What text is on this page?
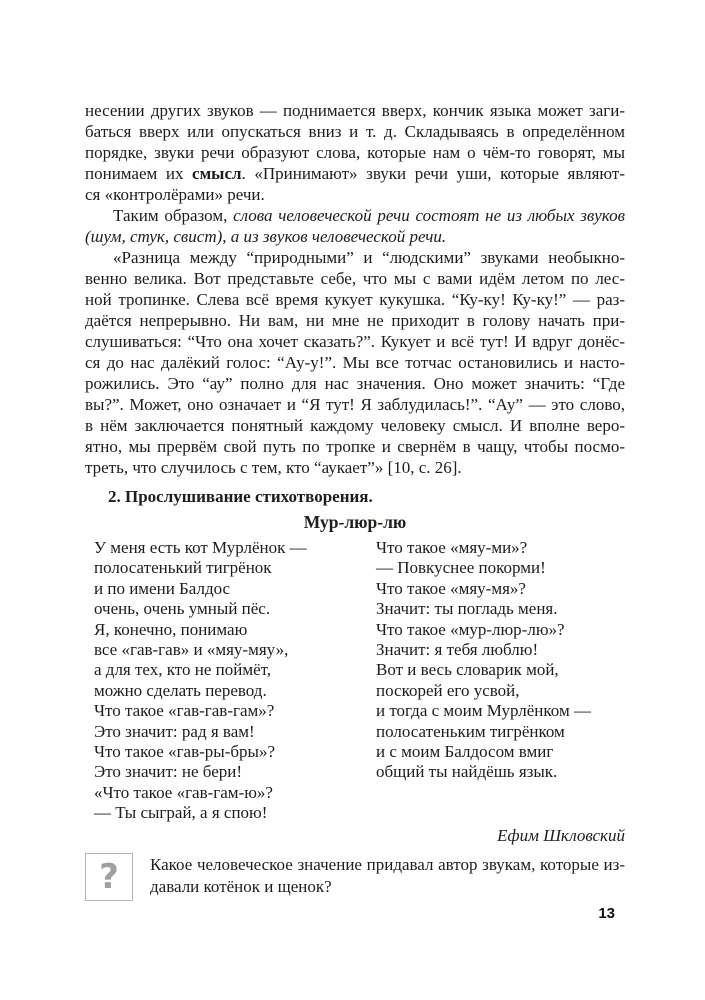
несении других звуков — поднимается вверх, кончик языка может заги-
баться вверх или опускаться вниз и т. д. Складываясь в определённом
порядке, звуки речи образуют слова, которые нам о чём-то говорят, мы
понимаем их смысл. «Принимают» звуки речи уши, которые являют-
ся «контролёрами» речи.
Таким образом, слова человеческой речи состоят не из любых звуков
(шум, стук, свист), а из звуков человеческой речи.
«Разница между “природными” и “людскими” звуками необыкно-
венно велика. Вот представьте себе, что мы с вами идём летом по лес-
ной тропинке. Слева всё время кукует кукушка. “Ку-ку! Ку-ку!” — раз-
даётся непрерывно. Ни вам, ни мне не приходит в голову начать при-
слушиваться: “Что она хочет сказать?”. Кукует и всё тут! И вдруг донёс-
ся до нас далёкий голос: “Ау-у!”. Мы все тотчас остановились и насто-
рожились. Это “ау” полно для нас значения. Оно может значить: “Где
вы?”. Может, оно означает и “Я тут! Я заблудилась!”. “Ау” — это слово,
в нём заключается понятный каждому человеку смысл. И вполне веро-
ятно, мы прервём свой путь по тропке и свернём в чащу, чтобы посмо-
треть, что случилось с тем, кто “аукает”» [10, с. 26].
2. Прослушивание стихотворения.
Мур-люр-лю
У меня есть кот Мурлёнок —
полосатенький тигрёнок
и по имени Балдос
очень, очень умный пёс.
Я, конечно, понимаю
все «гав-гав» и «мяу-мяу»,
а для тех, кто не поймёт,
можно сделать перевод.
Что такое «гав-гав-гам»?
Это значит: рад я вам!
Что такое «гав-ры-бры»?
Это значит: не бери!
«Что такое «гав-гам-ю»?
— Ты сыграй, а я спою!
Что такое «мяу-ми»?
— Повкуснее покорми!
Что такое «мяу-мя»?
Значит: ты погладь меня.
Что такое «мур-люр-лю»?
Значит: я тебя люблю!
Вот и весь словарик мой,
поскорей его усвой,
и тогда с моим Мурлёнком —
полосатеньким тигрёнком
и с моим Балдосом вмиг
общий ты найдёшь язык.
Ефим Шкловский
? Какое человеческое значение придавал автор звукам, которые из-
давали котёнок и щенок?
13
